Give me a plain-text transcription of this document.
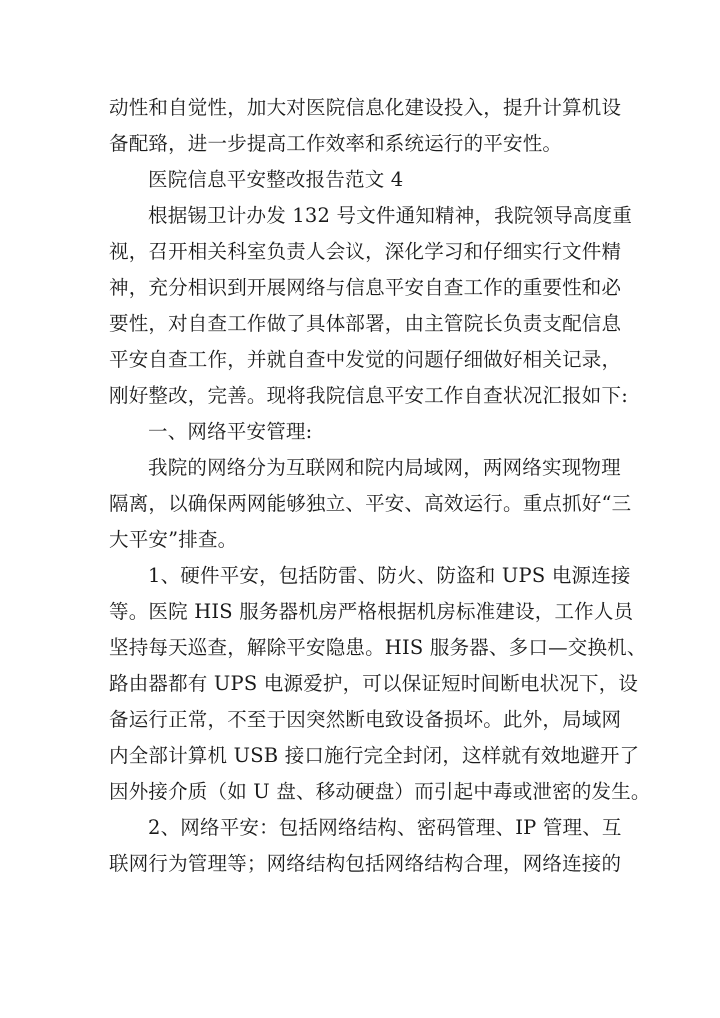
动性和自觉性，加大对医院信息化建设投入，提升计算机设
备配臵，进一步提高工作效率和系统运行的平安性。
医院信息平安整改报告范文 4
根据锡卫计办发 132 号文件通知精神，我院领导高度重
视，召开相关科室负责人会议，深化学习和仔细实行文件精
神，充分相识到开展网络与信息平安自查工作的重要性和必
要性，对自查工作做了具体部署，由主管院长负责支配信息
平安自查工作，并就自查中发觉的问题仔细做好相关记录，
刚好整改，完善。现将我院信息平安工作自查状况汇报如下:
一、网络平安管理:
我院的网络分为互联网和院内局域网，两网络实现物理
隔离，以确保两网能够独立、平安、高效运行。重点抓好“三
大平安”排查。
1、硬件平安，包括防雷、防火、防盗和 UPS 电源连接
等。医院 HIS 服务器机房严格根据机房标准建设，工作人员
坚持每天巡查，解除平安隐患。HIS 服务器、多口—交换机、
路由器都有 UPS 电源爱护，可以保证短时间断电状况下，设
备运行正常，不至于因突然断电致设备损坏。此外，局域网
内全部计算机 USB 接口施行完全封闭，这样就有效地避开了
因外接介质（如 U 盘、移动硬盘）而引起中毒或泄密的发生。
2、网络平安：包括网络结构、密码管理、IP 管理、互
联网行为管理等；网络结构包括网络结构合理，网络连接的
